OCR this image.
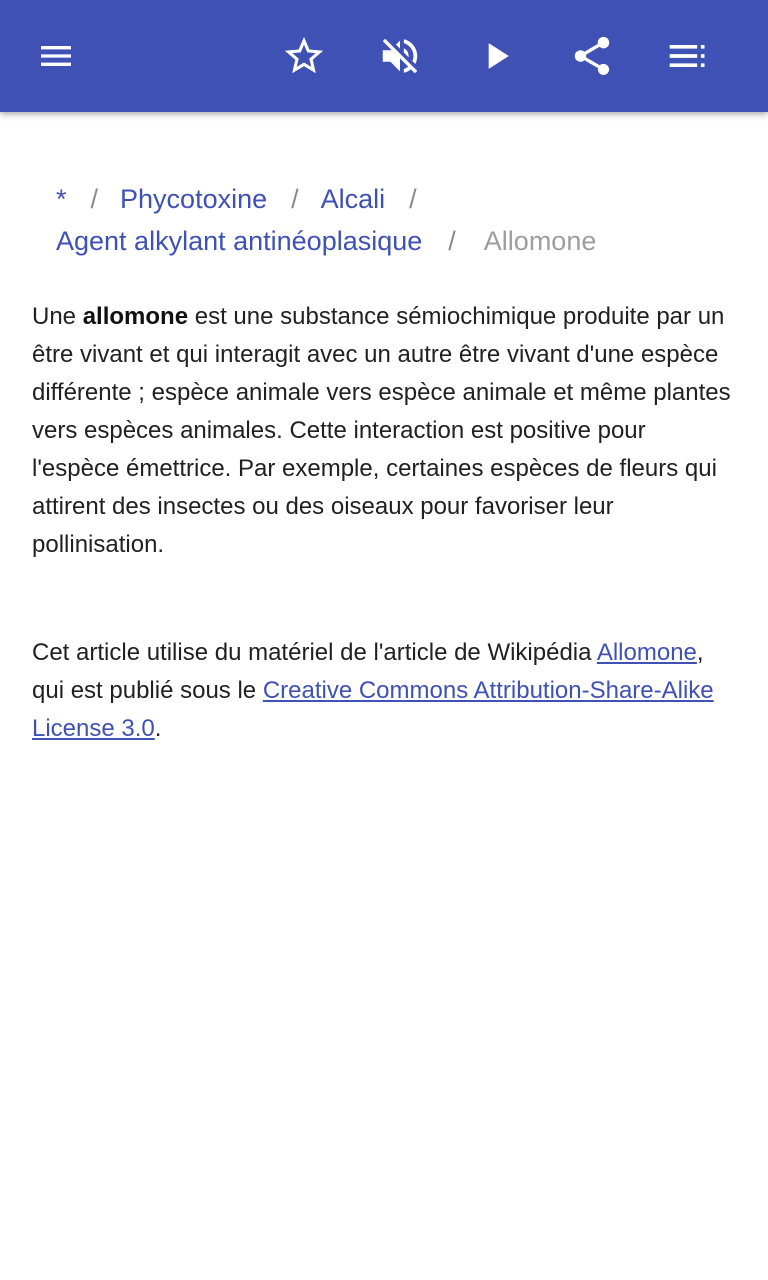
* / Phycotoxine / Alcali /
Agent alkylant antinéoplasique / Allomone

Une allomone est une substance sémiochimique produite par un être vivant et qui interagit avec un autre être vivant d'une espèce différente ; espèce animale vers espèce animale et même plantes vers espèces animales. Cette interaction est positive pour l'espèce émettrice. Par exemple, certaines espèces de fleurs qui attirent des insectes ou des oiseaux pour favoriser leur pollinisation.

Cet article utilise du matériel de l'article de Wikipédia Allomone, qui est publié sous le Creative Commons Attribution-Share-Alike License 3.0.
